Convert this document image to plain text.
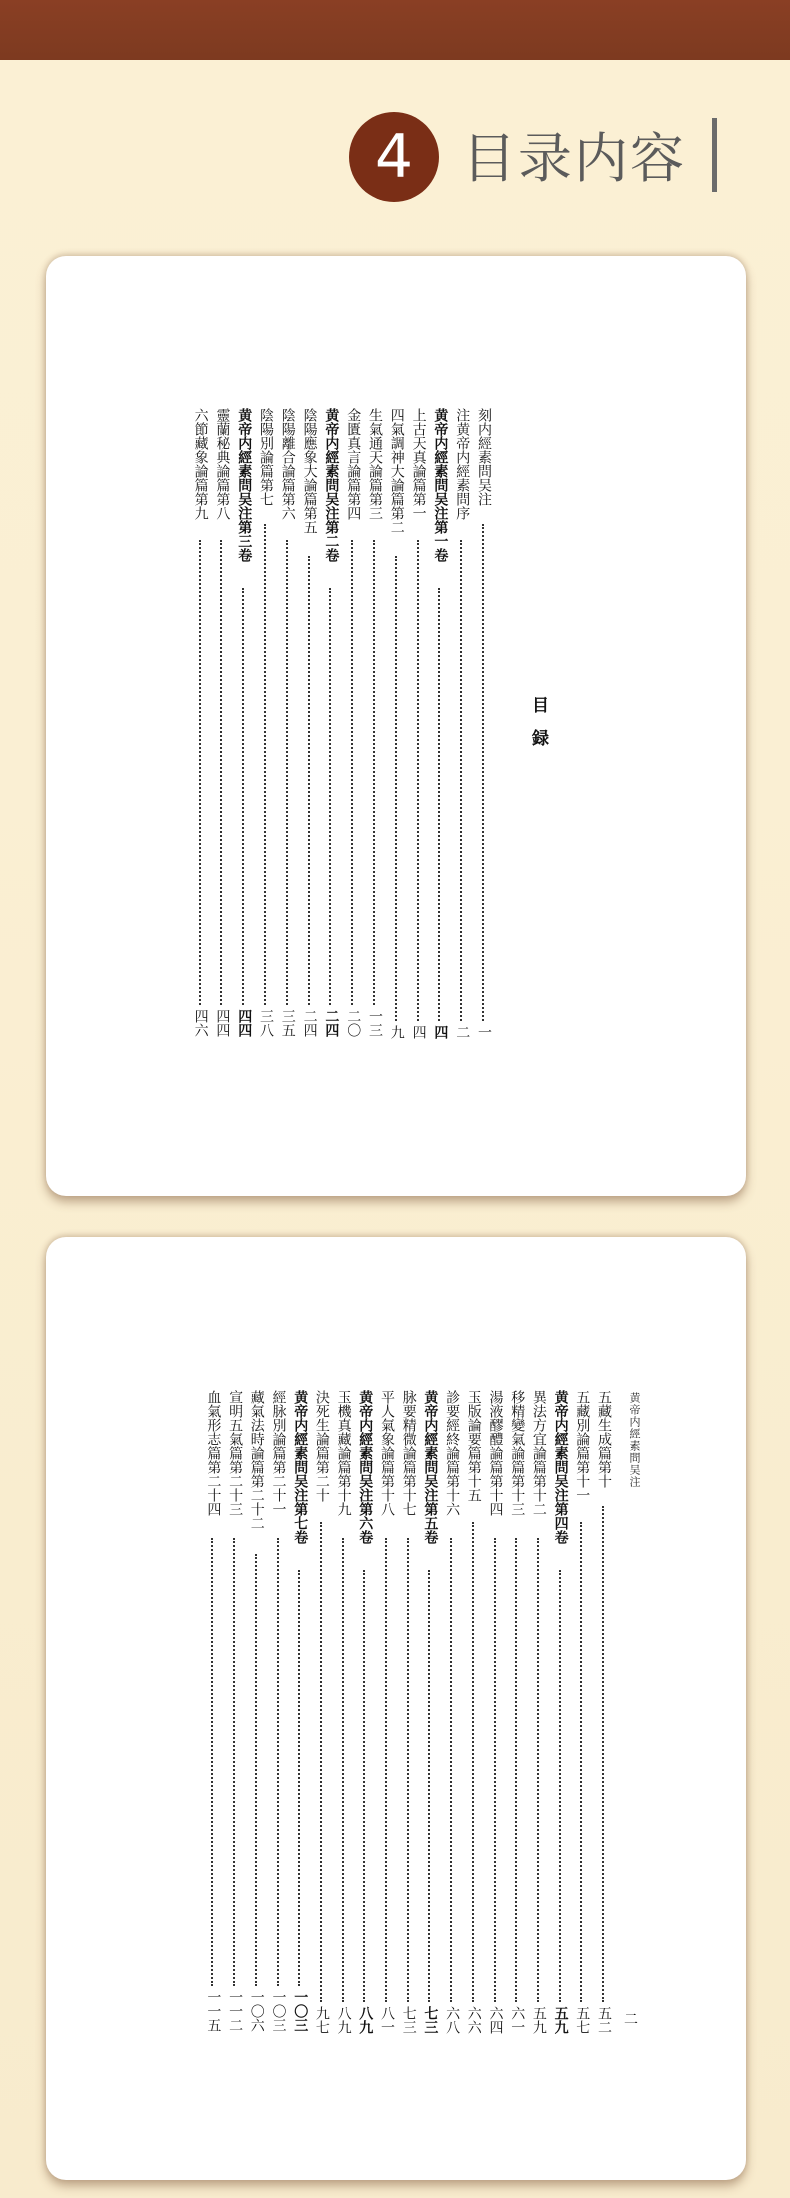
4 目录内容
目録
刻内經素問吴注
一
注黄帝内經素問序
二
黄帝内經素問吴注第一卷
四
上古天真論篇第一
四
四氣調神大論篇第二
九
生氣通天論篇第三
一三
金匱真言論篇第四
二〇
黄帝内經素問吴注第二卷
二四
陰陽應象大論篇第五
二四
陰陽離合論篇第六
三五
陰陽別論篇第七
三八
黄帝内經素問吴注第三卷
四四
靈蘭秘典論篇第八
四四
六節藏象論篇第九
四六
黄帝内經素問吴注
二
五藏生成篇第十
五二
五藏別論篇第十一
五七
黄帝内經素問吴注第四卷
五九
異法方宜論篇第十二
五九
移精變氣論篇第十三
六一
湯液醪醴論篇第十四
六四
玉版論要篇第十五
六六
診要經終論篇第十六
六八
黄帝内經素問吴注第五卷
七三
脉要精微論篇第十七
七三
平人氣象論篇第十八
八一
黄帝内經素問吴注第六卷
八九
玉機真藏論篇第十九
八九
決死生論篇第二十
九七
黄帝内經素問吴注第七卷
一〇三
經脉別論篇第二十一
一〇三
藏氣法時論篇第二十二
一〇六
宣明五氣篇第二十三
一一二
血氣形志篇第二十四
一一五
